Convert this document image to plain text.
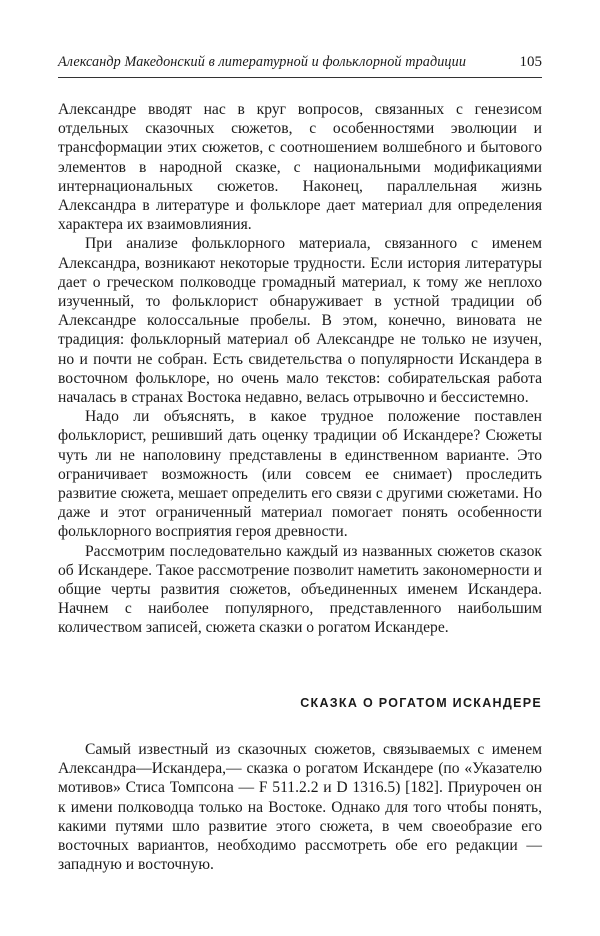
Александр Македонский в литературной и фольклорной традиции	105

Александре вводят нас в круг вопросов, связанных с генезисом отдельных сказочных сюжетов, с особенностями эволюции и трансформации этих сюжетов, с соотношением волшебного и бытового элементов в народной сказке, с национальными модификациями интернациональных сюжетов. Наконец, параллельная жизнь Александра в литературе и фольклоре дает материал для определения характера их взаимовлияния.

При анализе фольклорного материала, связанного с именем Александра, возникают некоторые трудности. Если история литературы дает о греческом полководце громадный материал, к тому же неплохо изученный, то фольклорист обнаруживает в устной традиции об Александре колоссальные пробелы. В этом, конечно, виновата не традиция: фольклорный материал об Александре не только не изучен, но и почти не собран. Есть свидетельства о популярности Искандера в восточном фольклоре, но очень мало текстов: собирательская работа началась в странах Востока недавно, велась отрывочно и бессистемно.

Надо ли объяснять, в какое трудное положение поставлен фольклорист, решивший дать оценку традиции об Искандере? Сюжеты чуть ли не наполовину представлены в единственном варианте. Это ограничивает возможность (или совсем ее снимает) проследить развитие сюжета, мешает определить его связи с другими сюжетами. Но даже и этот ограниченный материал помогает понять особенности фольклорного восприятия героя древности.

Рассмотрим последовательно каждый из названных сюжетов сказок об Искандере. Такое рассмотрение позволит наметить закономерности и общие черты развития сюжетов, объединенных именем Искандера. Начнем с наиболее популярного, представленного наибольшим количеством записей, сюжета сказки о рогатом Искандере.

СКАЗКА О РОГАТОМ ИСКАНДЕРЕ

Самый известный из сказочных сюжетов, связываемых с именем Александра—Искандера,— сказка о рогатом Искандере (по «Указателю мотивов» Стиса Томпсона — F 511.2.2 и D 1316.5) [182]. Приурочен он к имени полководца только на Востоке. Однако для того чтобы понять, какими путями шло развитие этого сюжета, в чем своеобразие его восточных вариантов, необходимо рассмотреть обе его редакции — западную и восточную.
